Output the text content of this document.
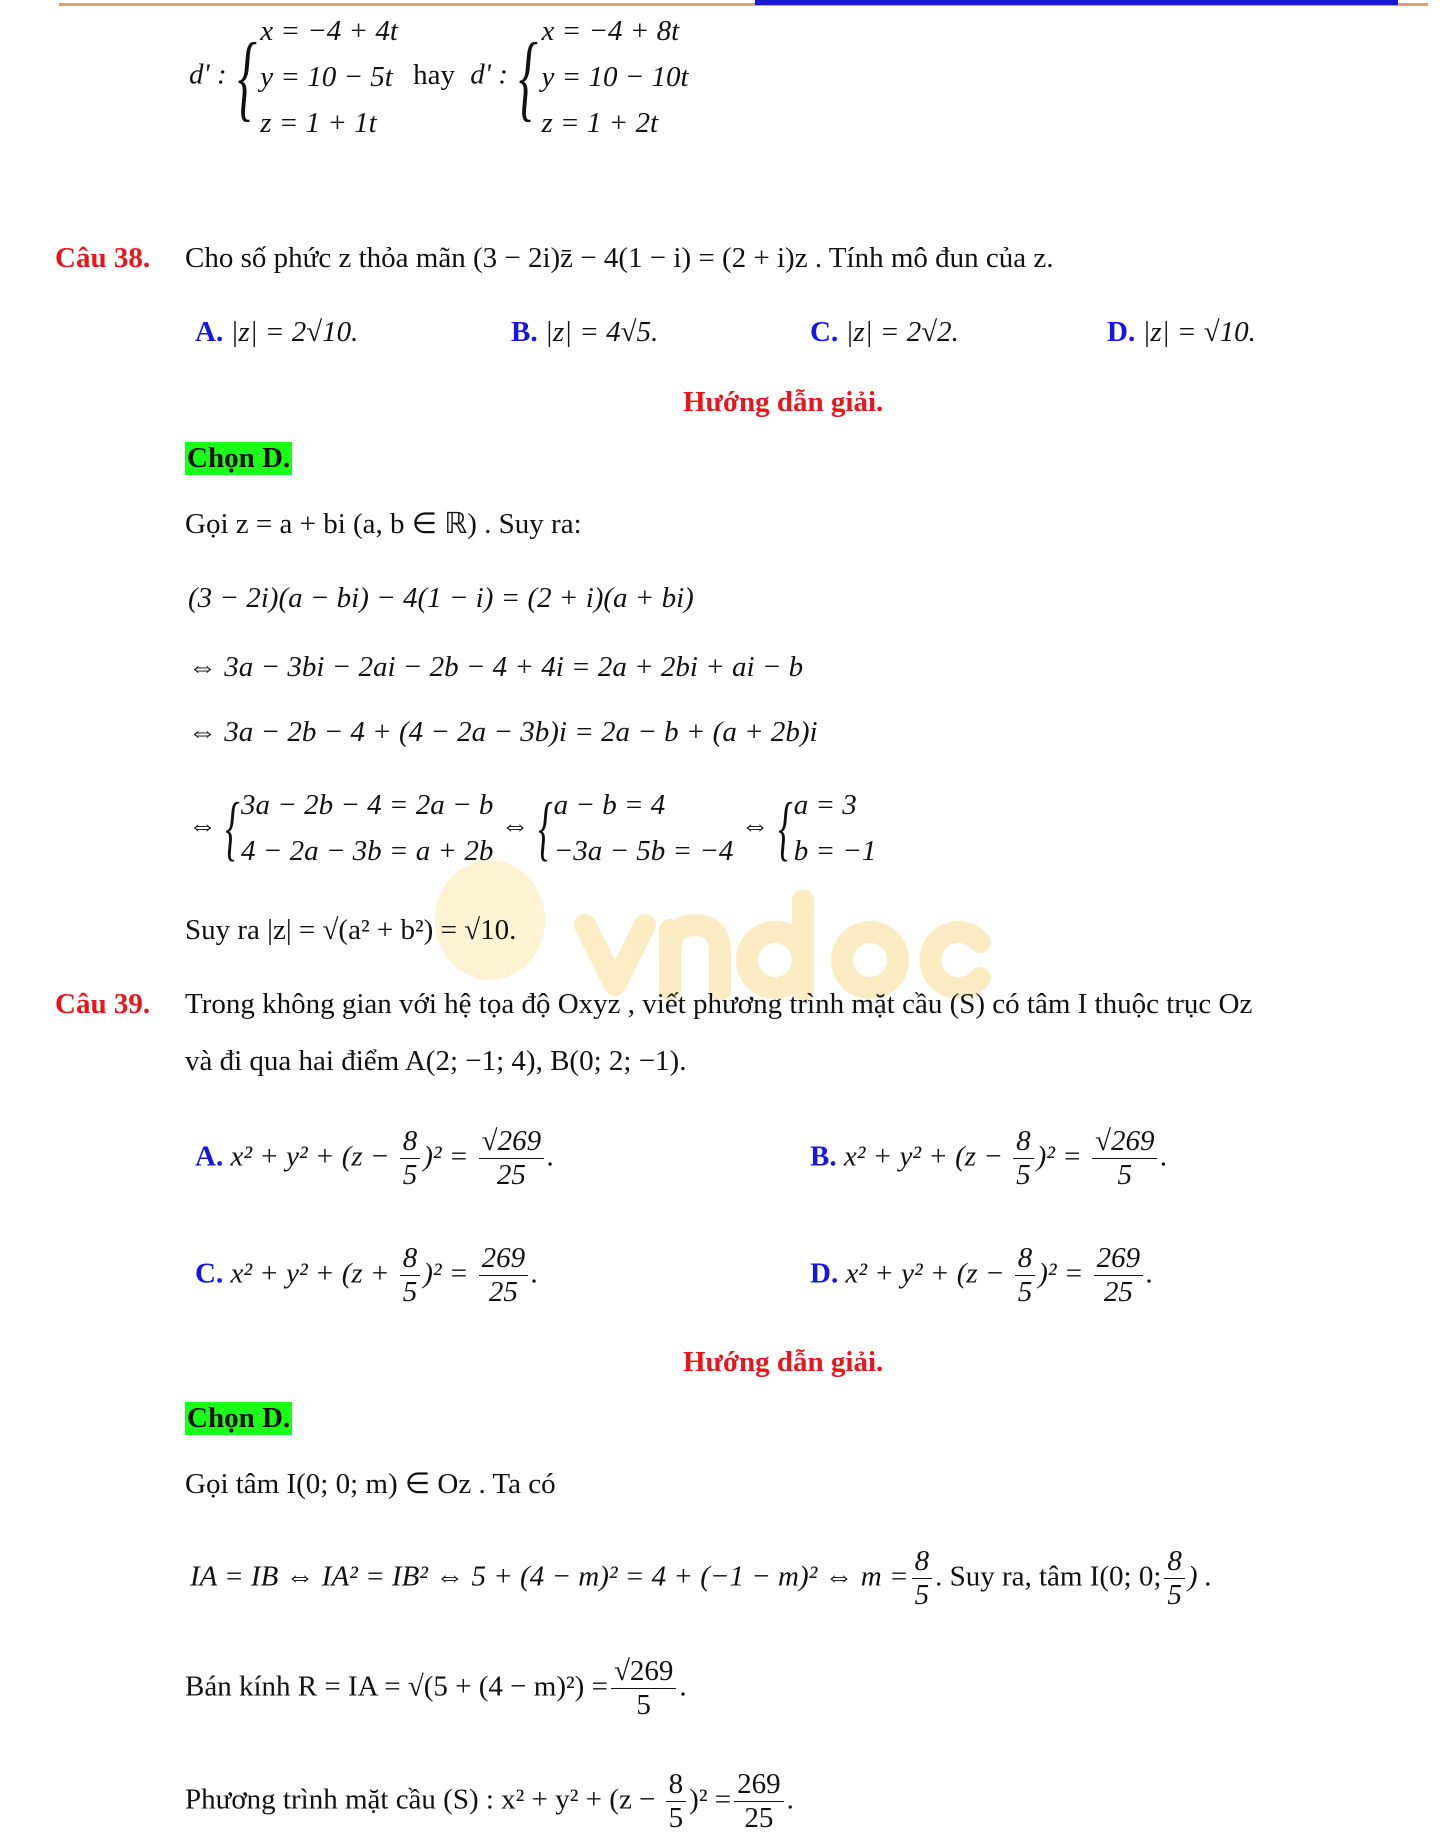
d' : { x = −4 + 4t
y = 10 − 5t
z = 1 + 1t
hay d' : { x = −4 + 8t
y = 10 − 10t
z = 1 + 2t
Câu 38. Cho số phức z thỏa mãn (3 − 2i)z̄ − 4(1 − i) = (2 + i)z . Tính mô đun của z.
A. |z| = 2√10.	B. |z| = 4√5.	C. |z| = 2√2.	D. |z| = √10.
Hướng dẫn giải.
Chọn D.
Gọi z = a + bi (a, b ∈ ℝ) . Suy ra:
(3 − 2i)(a − bi) − 4(1 − i) = (2 + i)(a + bi)
⇔ 3a − 3bi − 2ai − 2b − 4 + 4i = 2a + 2bi + ai − b
⇔ 3a − 2b − 4 + (4 − 2a − 3b)i = 2a − b + (a + 2b)i
⇔ { 3a − 2b − 4 = 2a − b
4 − 2a − 3b = a + 2b
⇔ { a − b = 4
−3a − 5b = −4
⇔ { a = 3
b = −1
Suy ra |z| = √(a² + b²) = √10.
Câu 39. Trong không gian với hệ tọa độ Oxyz , viết phương trình mặt cầu (S) có tâm I thuộc trục Oz
và đi qua hai điểm A(2; −1; 4), B(0; 2; −1).
A. $x^2 + y^2 + (z - \frac{8}{5} )^2 = \frac{√269}{25}$ .	B. $x^2 + y^2 + (z - \frac{8}{5} )^2 = \frac{√269}{5}$ .
C. $x^2 + y^2 + (z + \frac{8}{5} )^2 = \frac{269}{25}$ .	D. $x^2 + y^2 + (z - \frac{8}{5} )^2 = \frac{269}{25}$ .
Hướng dẫn giải.
Chọn D.
Gọi tâm I(0; 0; m) ∈ Oz . Ta có
IA = IB ⇔ IA² = IB² ⇔ 5 + (4 − m)² = 4 + (−1 − m)² ⇔ $m = \frac{8}{5}$ . Suy ra, tâm I(0; 0; $\frac{8}{5}$ ) .
Bán kính R = IA = $√(5 + (4 - m)^2) = \frac{√269}{5}$ .
Phương trình mặt cầu (S) : $x^2 + y^2 + (z - \frac{8}{5} )^2 = \frac{269}{25}$ .
